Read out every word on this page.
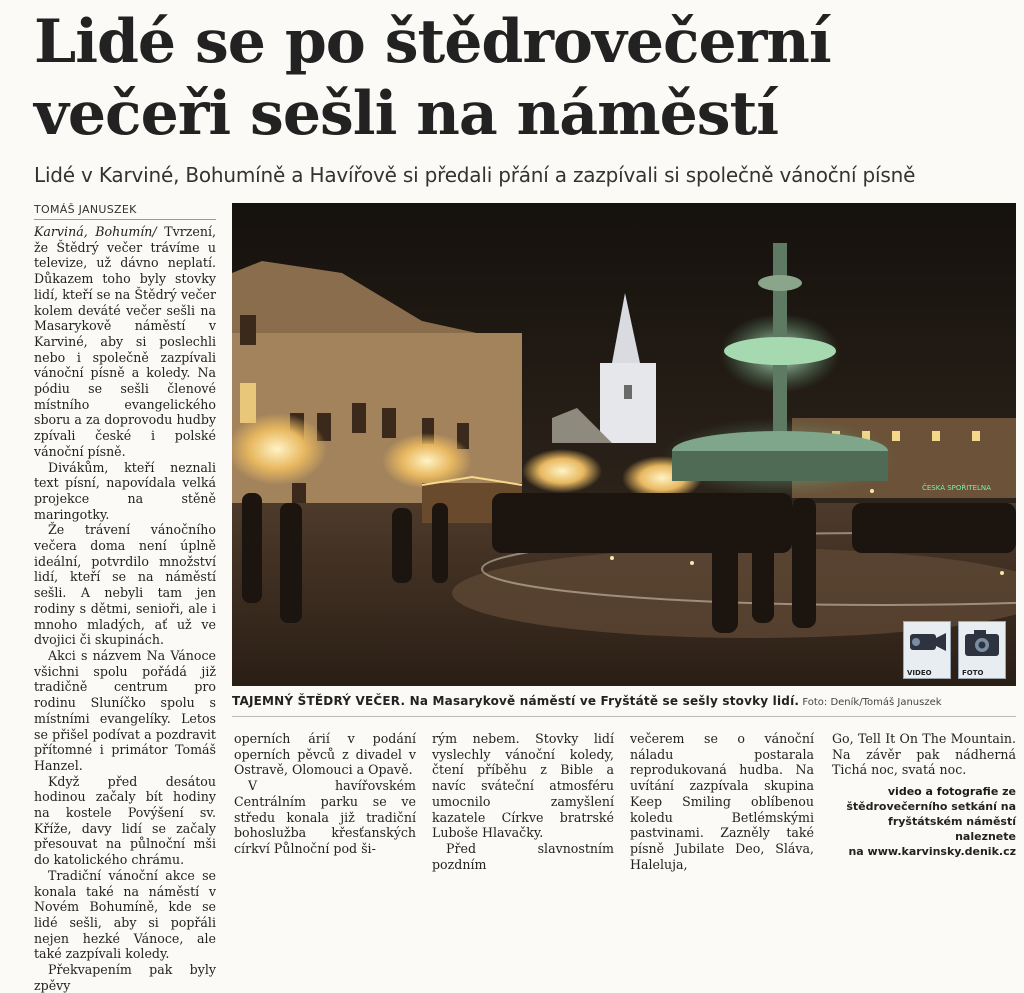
Lidé se po štědrovečerní
večeři sešli na náměstí
Lidé v Karviné, Bohumíně a Havířově si předali přání a zazpívali si společně vánoční písně
TOMÁŠ JANUSZEK

Karviná, Bohumín/ Tvrzení, že Štědrý večer trávíme u televize, už dávno neplatí. Důkazem toho byly stovky lidí, kteří se na Štědrý večer kolem deváté večer sešli na Masarykově náměstí v Karviné, aby si poslechli nebo i společně zazpívali vánoční písně a koledy. Na pódiu se sešli členové místního evangelického sboru a za doprovodu hudby zpívali české i polské vánoční písně.

Divákům, kteří neznali text písní, napovídala velká projekce na stěně maringotky.

Že trávení vánočního večera doma není úplně ideální, potvrdilo množství lidí, kteří se na náměstí sešli. A nebyli tam jen rodiny s dětmi, senioři, ale i mnoho mladých, ať už ve dvojici či skupinách.

Akci s názvem Na Vánoce všichni spolu pořádá již tradičně centrum pro rodinu Sluníčko spolu s místními evangelíky. Letos se přišel podívat a pozdravit přítomné i primátor Tomáš Hanzel.

Když před desátou hodinou začaly bít hodiny na kostele Povýšení sv. Kříže, davy lidí se začaly přesouvat na půlnoční mši do katolického chrámu.

Tradiční vánoční akce se konala také na náměstí v Novém Bohumíně, kde se lidé sešli, aby si popřáli nejen hezké Vánoce, ale také zazpívali koledy.

Překvapením pak byly zpěvy

ČESKÁ SPOŘITELNA
VIDEO	FOTO
TAJEMNÝ ŠTĚDRÝ VEČER. Na Masarykově náměstí ve Fryštátě se sešly stovky lidí. Foto: Deník/Tomáš Januszek

operních árií v podání operních pěvců z divadel v Ostravě, Olomouci a Opavě.

V havířovském Centrálním parku se ve středu konala již tradiční bohoslužba křesťanských církví Půlnoční pod ši-

rým nebem. Stovky lidí vyslechly vánoční koledy, čtení příběhu z Bible a navíc sváteční atmosféru umocnilo zamyšlení kazatele Církve bratrské Luboše Hlavačky.

Před slavnostním pozdním

večerem se o vánoční náladu postarala reprodukovaná hudba. Na uvítání zazpívala skupina Keep Smiling oblíbenou koledu Betlémskými pastvinami. Zazněly také písně Jubilate Deo, Sláva, Haleluja,

Go, Tell It On The Mountain. Na závěr pak nádherná Tichá noc, svatá noc.

video a fotografie ze štědrovečerního setkání na fryštátském náměstí naleznete
na www.karvinsky.denik.cz
